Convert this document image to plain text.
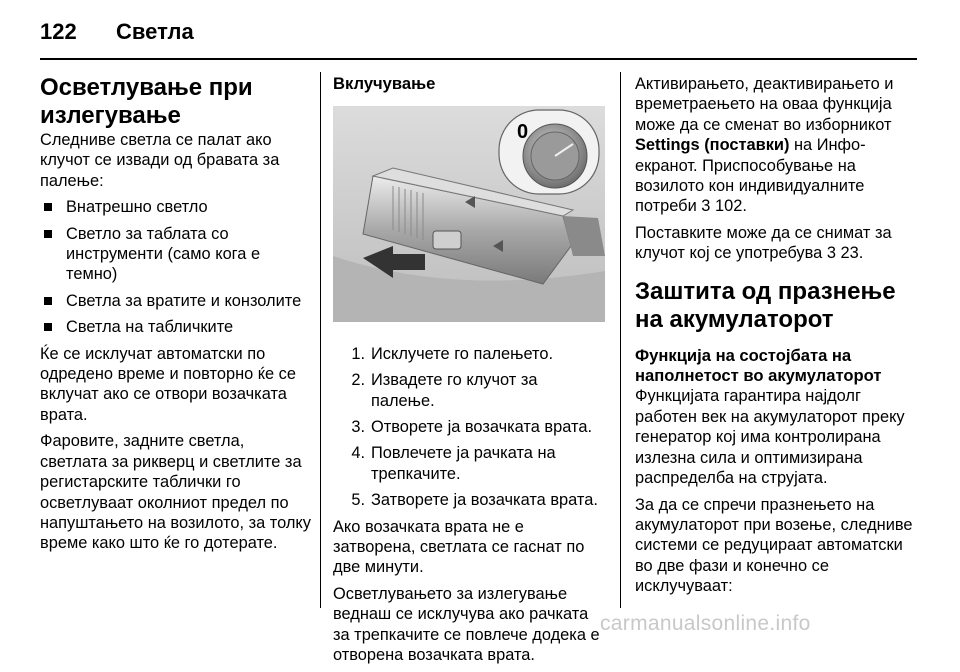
122	Светла
Осветлување при излегување

Следниве светла се палат ако клучот се извади од бравата за палење:

Внатрешно светло
Светло за таблата со инструменти (само кога е темно)
Светла за вратите и конзолите
Светла на табличките

Ќе се исклучат автоматски по одредено време и повторно ќе се вклучат ако се отвори возачката врата.

Фаровите, задните светла, светлата за рикверц и светлите за регистарските таблички го осветлуваат околниот предел по напуштањето на возилото, за толку време како што ќе го дотерате.

Вклучување
0
1. Исклучете го палењето.
2. Извадете го клучот за палење.
3. Отворете ја возачката врата.
4. Повлечете ја рачката на трепкачите.
5. Затворете ја возачката врата.

Ако возачката врата не е затворена, светлата се гаснат по две минути.

Осветлувањето за излегување веднаш се исклучува ако рачката за трепкачите се повлече додека е отворена возачката врата.

Активирањето, деактивирањето и времетраењето на оваа функција може да се сменат во изборникот Settings (поставки) на Инфо-екранот. Приспособување на возилото кон индивидуалните потреби 3 102.

Поставките може да се снимат за клучот кој се употребува 3 23.

Заштита од празнење на акумулаторот
Функција на состојбата на наполнетост во акумулаторот

Функцијата гарантира најдолг работен век на акумулаторот преку генератор кој има контролирана излезна сила и оптимизирана распределба на струјата.

За да се спречи празнењето на акумулаторот при возење, следниве системи се редуцираат автоматски во две фази и конечно се исклучуваат:

carmanualsonline.info
